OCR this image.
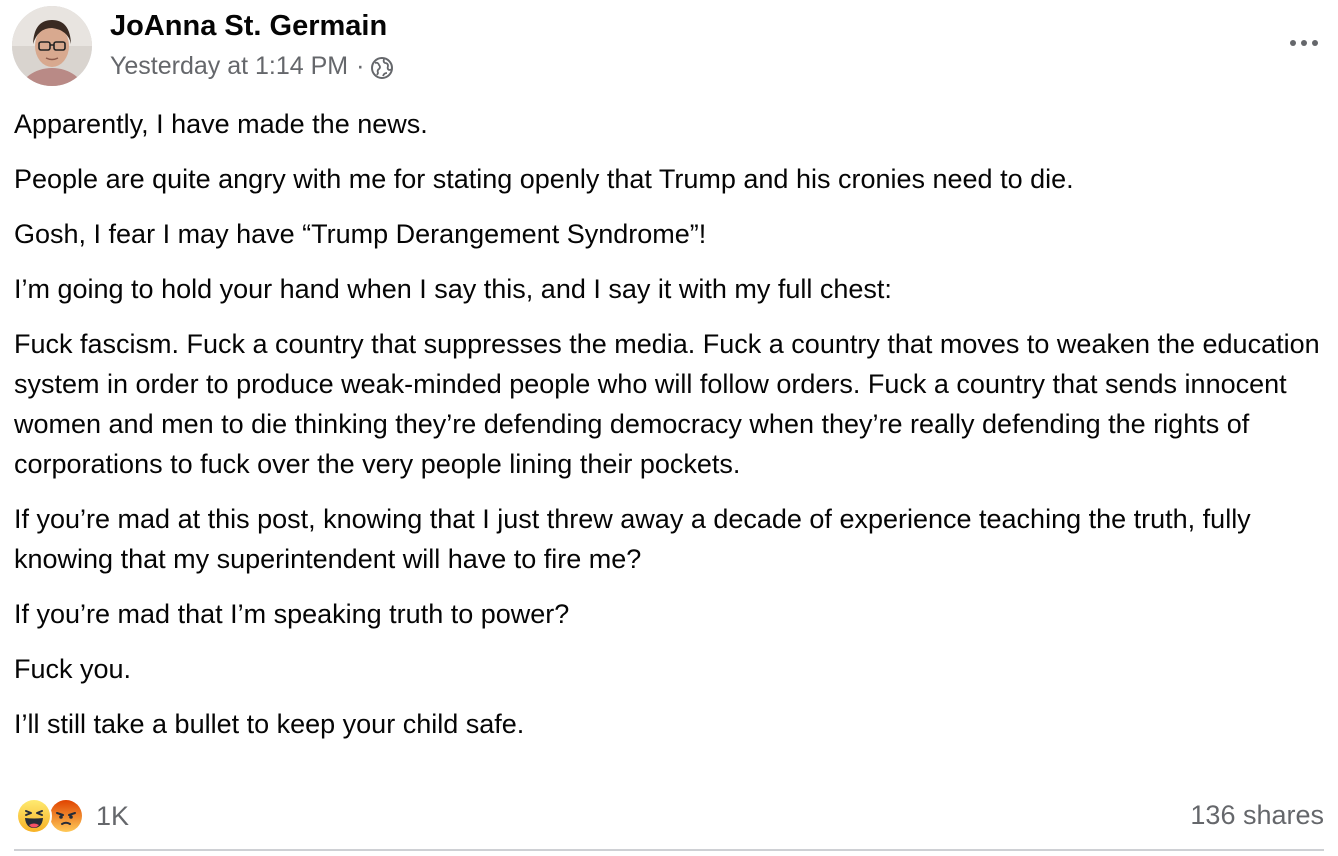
JoAnna St. Germain
Yesterday at 1:14 PM ·

Apparently, I have made the news.

People are quite angry with me for stating openly that Trump and his cronies need to die.

Gosh, I fear I may have “Trump Derangement Syndrome”!

I’m going to hold your hand when I say this, and I say it with my full chest:

Fuck fascism. Fuck a country that suppresses the media. Fuck a country that moves to weaken the education system in order to produce weak-minded people who will follow orders. Fuck a country that sends innocent women and men to die thinking they’re defending democracy when they’re really defending the rights of corporations to fuck over the very people lining their pockets.

If you’re mad at this post, knowing that I just threw away a decade of experience teaching the truth, fully knowing that my superintendent will have to fire me?

If you’re mad that I’m speaking truth to power?

Fuck you.

I’ll still take a bullet to keep your child safe.

1K	136 shares
